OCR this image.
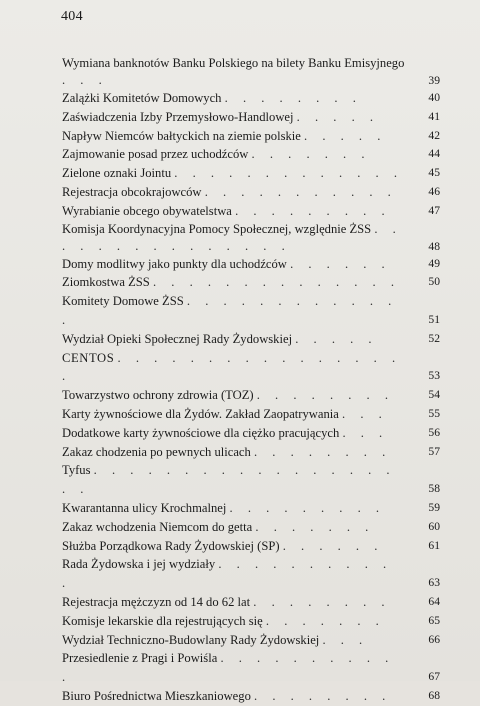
404
Wymiana banknotów Banku Polskiego na bilety Banku Emisyjnego . . .	39
Zalążki Komitetów Domowych . . . . . . . .	40
Zaświadczenia Izby Przemysłowo-Handlowej . . . . .	41
Napływ Niemców bałtyckich na ziemie polskie . . . . .	42
Zajmowanie posad przez uchodźców . . . . . . .	44
Zielone oznaki Jointu . . . . . . . . . . . . .	45
Rejestracja obcokrajowców . . . . . . . . . . .	46
Wyrabianie obcego obywatelstwa . . . . . . . . .	47
Komisja Koordynacyjna Pomocy Społecznej, względnie ŻSS . . . . . . . . . . . . . . .	48
Domy modlitwy jako punkty dla uchodźców . . . . . .	49
Ziomkostwa ŻSS . . . . . . . . . . . . . .	50
Komitety Domowe ŻSS . . . . . . . . . . . . .	51
Wydział Opieki Społecznej Rady Żydowskiej . . . . .	52
CENTOS . . . . . . . . . . . . . . . . .	53
Towarzystwo ochrony zdrowia (TOZ) . . . . . . . .	54
Karty żywnościowe dla Żydów. Zakład Zaopatrywania . . .	55
Dodatkowe karty żywnościowe dla ciężko pracujących . . .	56
Zakaz chodzenia po pewnych ulicach . . . . . . . .	57
Tyfus . . . . . . . . . . . . . . . . . . .	58
Kwarantanna ulicy Krochmalnej . . . . . . . . .	59
Zakaz wchodzenia Niemcom do getta . . . . . . .	60
Służba Porządkowa Rady Żydowskiej (SP) . . . . . .	61
Rada Żydowska i jej wydziały . . . . . . . . . . .	63
Rejestracja mężczyzn od 14 do 62 lat . . . . . . . .	64
Komisje lekarskie dla rejestrujących się . . . . . . .	65
Wydział Techniczno-Budowlany Rady Żydowskiej . . .	66
Przesiedlenie z Pragi i Powiśla . . . . . . . . . . .	67
Biuro Pośrednictwa Mieszkaniowego . . . . . . . .	68
